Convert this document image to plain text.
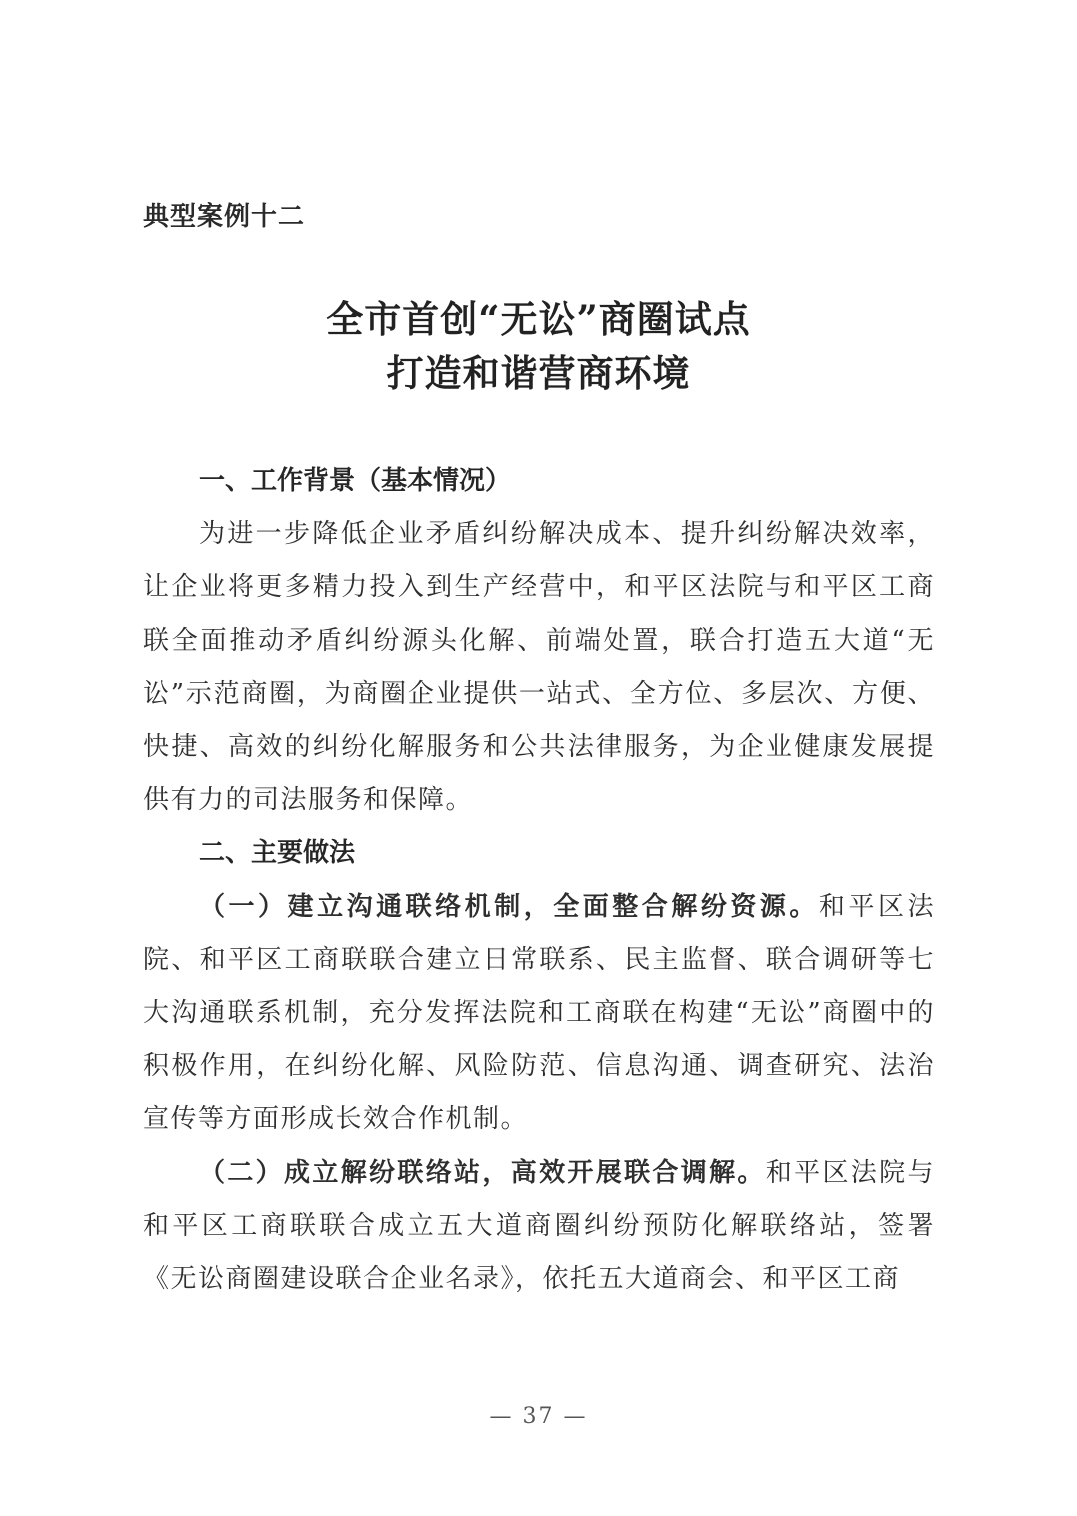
典型案例十二
全市首创“无讼”商圈试点
打造和谐营商环境

一、工作背景（基本情况）

为进一步降低企业矛盾纠纷解决成本、提升纠纷解决效率，让企业将更多精力投入到生产经营中，和平区法院与和平区工商联全面推动矛盾纠纷源头化解、前端处置，联合打造五大道“无讼”示范商圈，为商圈企业提供一站式、全方位、多层次、方便、快捷、高效的纠纷化解服务和公共法律服务，为企业健康发展提供有力的司法服务和保障。

二、主要做法

（一）建立沟通联络机制，全面整合解纷资源。和平区法院、和平区工商联联合建立日常联系、民主监督、联合调研等七大沟通联系机制，充分发挥法院和工商联在构建“无讼”商圈中的积极作用，在纠纷化解、风险防范、信息沟通、调查研究、法治宣传等方面形成长效合作机制。

（二）成立解纷联络站，高效开展联合调解。和平区法院与和平区工商联联合成立五大道商圈纠纷预防化解联络站，签署《无讼商圈建设联合企业名录》，依托五大道商会、和平区工商

— 37 —
